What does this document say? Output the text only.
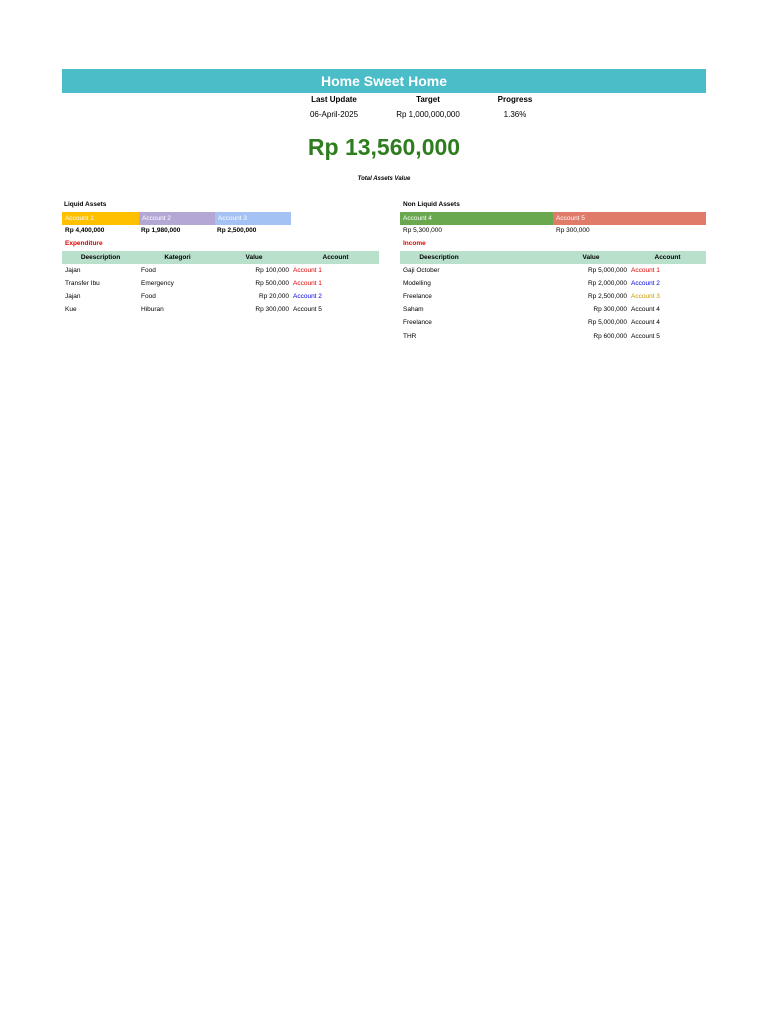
Home Sweet Home
Last Update	Target	Progress
06-April-2025	Rp 1,000,000,000	1.36%
Rp 13,560,000
Total Assets Value
Liquid Assets
Account 1	Account 2	Account 3
Rp 4,400,000	Rp 1,980,000	Rp 2,500,000
Expenditure
Deescription	Kategori	Value	Account
Jajan	Food	Rp 100,000 Account 1
Transfer Ibu	Emergency	Rp 500,000 Account 1
Jajan	Food	Rp 20,000 Account 2
Kue	Hiburan	Rp 300,000 Account 5
Non Liquid Assets
Account 4	Account 5
Rp 5,300,000	Rp 300,000
Income
Deescription	Value	Account
Gaji October	Rp 5,000,000 Account 1
Modelling	Rp 2,000,000 Account 2
Freelance	Rp 2,500,000 Account 3
Saham	Rp 300,000 Account 4
Freelance	Rp 5,000,000 Account 4
THR	Rp 600,000 Account 5
